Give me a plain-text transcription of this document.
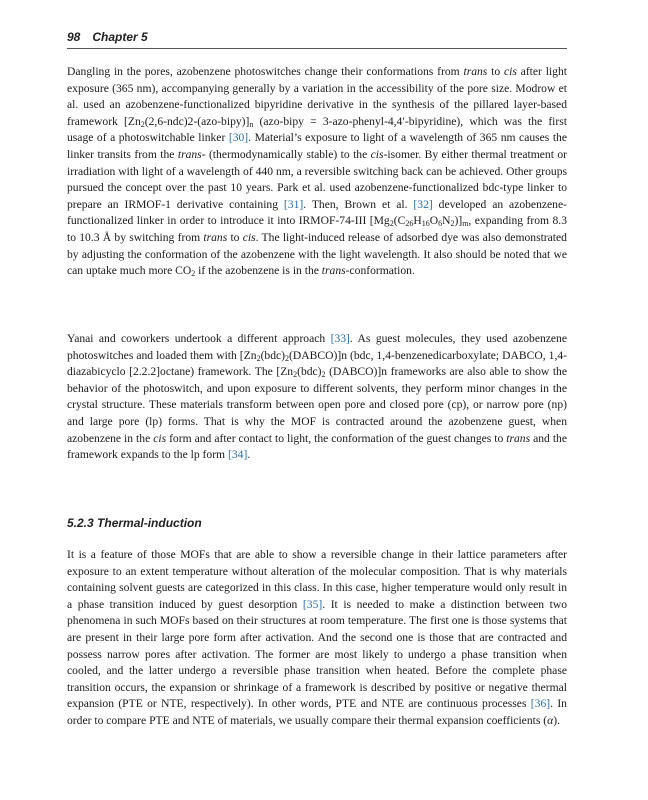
98 Chapter 5

Dangling in the pores, azobenzene photoswitches change their conformations from trans to cis after light exposure (365 nm), accompanying generally by a variation in the accessibility of the pore size. Modrow et al. used an azobenzene-functionalized bipyridine derivative in the synthesis of the pillared layer-based framework $[Zn_2(2,6-ndc)2-(azo-bipy)]_n$ (azo-bipy = 3-azo-phenyl-4,4′-bipyridine), which was the first usage of a photoswitchable linker [30]. Material’s exposure to light of a wavelength of 365 nm causes the linker transits from the trans- (thermodynamically stable) to the cis-isomer. By either thermal treatment or irradiation with light of a wavelength of 440 nm, a reversible switching back can be achieved. Other groups pursued the concept over the past 10 years. Park et al. used azobenzene-functionalized bdc-type linker to prepare an IRMOF-1 derivative containing [31]. Then, Brown et al. [32] developed an azobenzene-functionalized linker in order to introduce it into IRMOF-74-III $[Mg_2(C_{26}H_{16}O_6N_2)]_m$, expanding from 8.3 to 10.3 Å by switching from trans to cis. The light-induced release of adsorbed dye was also demonstrated by adjusting the conformation of the azobenzene with the light wavelength. It also should be noted that we can uptake much more $CO_2$ if the azobenzene is in the trans-conformation.

Yanai and coworkers undertook a different approach [33]. As guest molecules, they used azobenzene photoswitches and loaded them with $[Zn_2(bdc)_2(DABCO)]n$ (bdc, 1,4-benzenedicarboxylate; DABCO, 1,4-diazabicyclo [2.2.2]octane) framework. The [$Zn_2(bdc)_2$ (DABCO)]n frameworks are also able to show the behavior of the photoswitch, and upon exposure to different solvents, they perform minor changes in the crystal structure. These materials transform between open pore and closed pore (cp), or narrow pore (np) and large pore (lp) forms. That is why the MOF is contracted around the azobenzene guest, when azobenzene in the cis form and after contact to light, the conformation of the guest changes to trans and the framework expands to the lp form [34].

5.2.3 Thermal-induction

It is a feature of those MOFs that are able to show a reversible change in their lattice parameters after exposure to an extent temperature without alteration of the molecular composition. That is why materials containing solvent guests are categorized in this class. In this case, higher temperature would only result in a phase transition induced by guest desorption [35]. It is needed to make a distinction between two phenomena in such MOFs based on their structures at room temperature. The first one is those systems that are present in their large pore form after activation. And the second one is those that are contracted and possess narrow pores after activation. The former are most likely to undergo a phase transition when cooled, and the latter undergo a reversible phase transition when heated. Before the complete phase transition occurs, the expansion or shrinkage of a framework is described by positive or negative thermal expansion (PTE or NTE, respectively). In other words, PTE and NTE are continuous processes [36]. In order to compare PTE and NTE of materials, we usually compare their thermal expansion coefficients (α).
